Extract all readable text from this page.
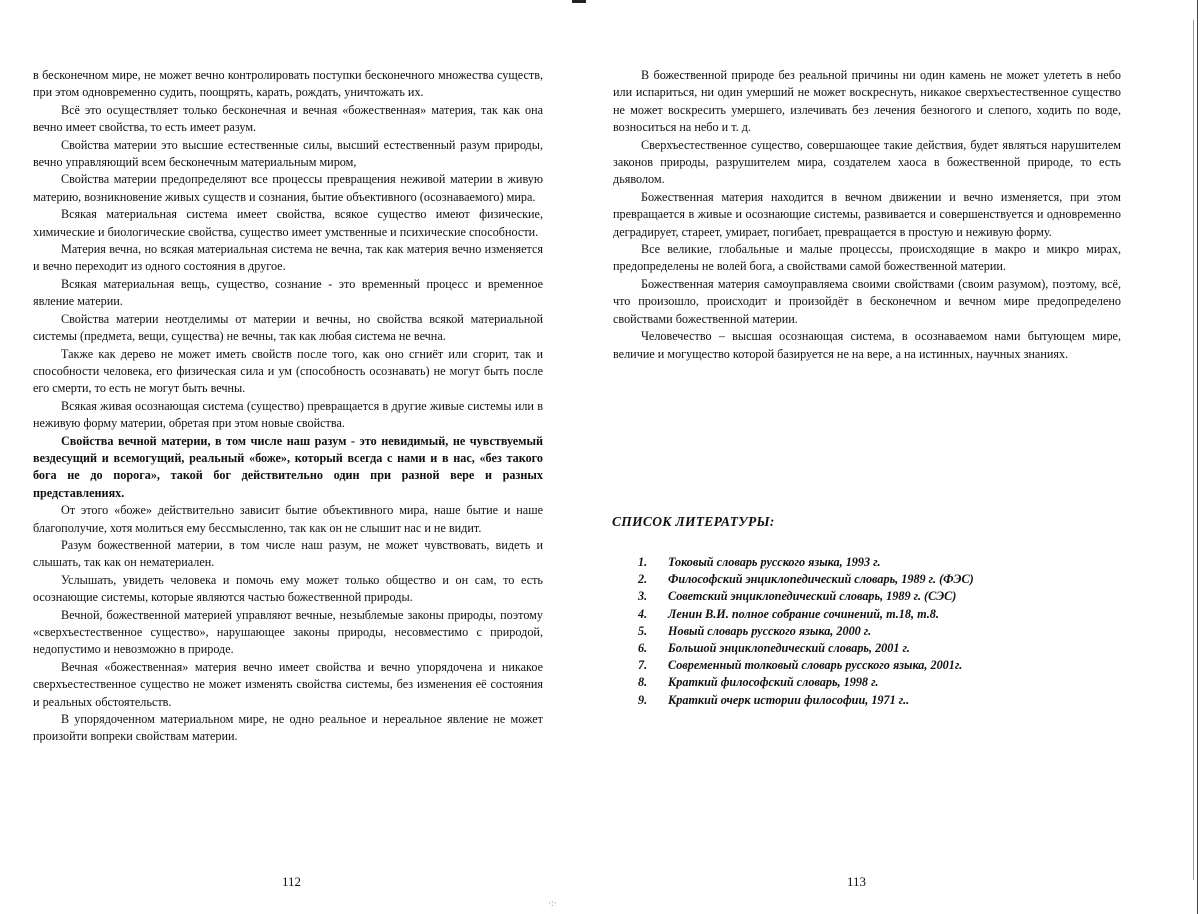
в бесконечном мире, не может вечно контролировать поступки бесконечного множества существ, при этом одновременно судить, поощрять, карать, рождать, уничтожать их.

Всё это осуществляет только бесконечная и вечная «божественная» материя, так как она вечно имеет свойства, то есть имеет разум.

Свойства материи это высшие естественные силы, высший естественный разум природы, вечно управляющий всем бесконечным материальным миром,

Свойства материи предопределяют все процессы превращения неживой материи в живую материю, возникновение живых существ и сознания, бытие объективного (осознаваемого) мира.

Всякая материальная система имеет свойства, всякое существо имеют физические, химические и биологические свойства, существо имеет умственные и психические способности.

Материя вечна, но всякая материальная система не вечна, так как материя вечно изменяется и вечно переходит из одного состояния в другое.

Всякая материальная вещь, существо, сознание - это временный процесс и временное явление материи.

Свойства материи неотделимы от материи и вечны, но свойства всякой материальной системы (предмета, вещи, существа) не вечны, так как любая система не вечна.

Также как дерево не может иметь свойств после того, как оно сгниёт или сгорит, так и способности человека, его физическая сила и ум (способность осознавать) не могут быть после его смерти, то есть не могут быть вечны.

Всякая живая осознающая система (существо) превращается в другие живые системы или в неживую форму материи, обретая при этом новые свойства.

Свойства вечной материи, в том числе наш разум - это невидимый, не чувствуемый вездесущий и всемогущий, реальный «боже», который всегда с нами и в нас, «без такого бога не до порога», такой бог действительно один при разной вере и разных представлениях.

От этого «боже» действительно зависит бытие объективного мира, наше бытие и наше благополучие, хотя молиться ему бессмысленно, так как он не слышит нас и не видит.

Разум божественной материи, в том числе наш разум, не может чувствовать, видеть и слышать, так как он нематериален.

Услышать, увидеть человека и помочь ему может только общество и он сам, то есть осознающие системы, которые являются частью божественной природы.

Вечной, божественной материей управляют вечные, незыблемые законы природы, поэтому «сверхъестественное существо», нарушающее законы природы, несовместимо с природой, недопустимо и невозможно в природе.

Вечная «божественная» материя вечно имеет свойства и вечно упорядочена и никакое сверхъестественное существо не может изменять свойства системы, без изменения её состояния и реальных обстоятельств.

В упорядоченном материальном мире, не одно реальное и нереальное явление не может произойти вопреки свойствам материи.

В божественной природе без реальной причины ни один камень не может улететь в небо или испариться, ни один умерший не может воскреснуть, никакое сверхъестественное существо не может воскресить умершего, излечивать без лечения безногого и слепого, ходить по воде, возноситься на небо и т. д.

Сверхъестественное существо, совершающее такие действия, будет являться нарушителем законов природы, разрушителем мира, создателем хаоса в божественной природе, то есть дьяволом.

Божественная материя находится в вечном движении и вечно изменяется, при этом превращается в живые и осознающие системы, развивается и совершенствуется и одновременно деградирует, стареет, умирает, погибает, превращается в простую и неживую форму.

Все великие, глобальные и малые процессы, происходящие в макро и микро мирах, предопределены не волей бога, а свойствами самой божественной материи.

Божественная материя самоуправляема своими свойствами (своим разумом), поэтому, всё, что произошло, происходит и произойдёт в бесконечном и вечном мире предопределено свойствами божественной материи.

Человечество – высшая осознающая система, в осознаваемом нами бытующем мире, величие и могущество которой базируется не на вере, а на истинных, научных знаниях.

СПИСОК ЛИТЕРАТУРЫ:
1. Токовый словарь русского языка, 1993 г.
2. Философский энциклопедический словарь, 1989 г. (ФЭС)
3. Советский энциклопедический словарь, 1989 г. (СЭС)
4. Ленин В.И. полное собрание сочинений, т.18, т.8.
5. Новый словарь русского языка, 2000 г.
6. Большой энциклопедический словарь, 2001 г.
7. Современный толковый словарь русского языка, 2001г.
8. Краткий философский словарь, 1998 г.
9. Краткий очерк истории философии, 1971 г..
112	113
·:·
